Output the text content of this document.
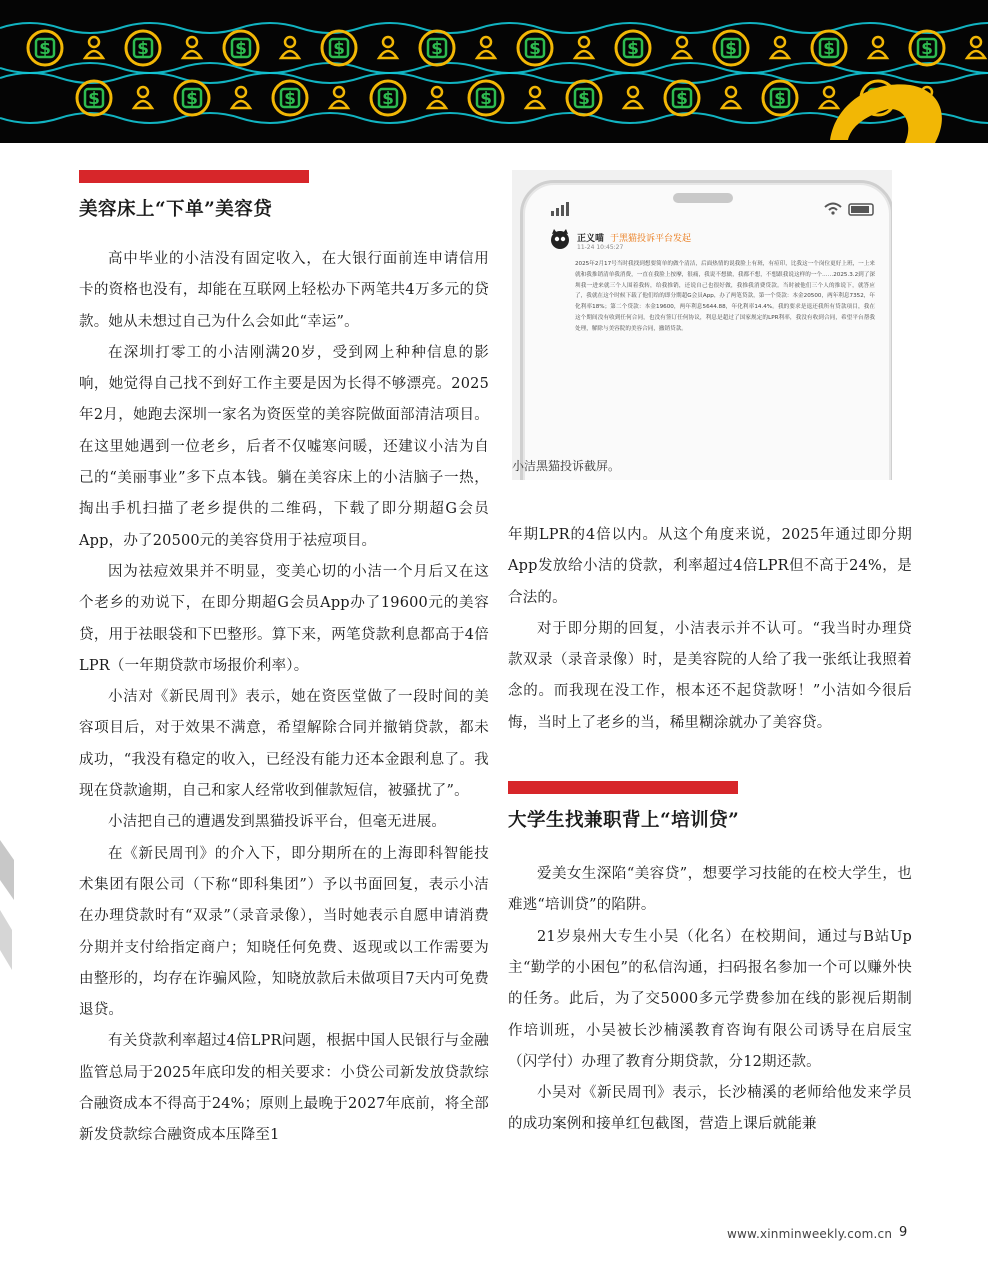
$	$	$	$	$	$	$	$	$	$
$	$	$	$	$	$	$	$
美容床上“下单”美容贷

高中毕业的小洁没有固定收入，在大银行面前连申请信用卡的资格也没有，却能在互联网上轻松办下两笔共4万多元的贷款。她从未想过自己为什么会如此“幸运”。

在深圳打零工的小洁刚满20岁，受到网上种种信息的影响，她觉得自己找不到好工作主要是因为长得不够漂亮。2025年2月，她跑去深圳一家名为资医堂的美容院做面部清洁项目。在这里她遇到一位老乡，后者不仅嘘寒问暖，还建议小洁为自己的“美丽事业”多下点本钱。躺在美容床上的小洁脑子一热，掏出手机扫描了老乡提供的二维码，下载了即分期超G会员App，办了20500元的美容贷用于祛痘项目。

因为祛痘效果并不明显，变美心切的小洁一个月后又在这个老乡的劝说下，在即分期超G会员App办了19600元的美容贷，用于祛眼袋和下巴整形。算下来，两笔贷款利息都高于4倍LPR（一年期贷款市场报价利率）。

小洁对《新民周刊》表示，她在资医堂做了一段时间的美容项目后，对于效果不满意，希望解除合同并撤销贷款，都未成功，“我没有稳定的收入，已经没有能力还本金跟利息了。我现在贷款逾期，自己和家人经常收到催款短信，被骚扰了”。

小洁把自己的遭遇发到黑猫投诉平台，但毫无进展。

在《新民周刊》的介入下，即分期所在的上海即科智能技术集团有限公司（下称“即科集团”）予以书面回复，表示小洁在办理贷款时有“双录”（录音录像），当时她表示自愿申请消费分期并支付给指定商户；知晓任何免费、返现或以工作需要为由整形的，均存在诈骗风险，知晓放款后未做项目7天内可免费退贷。

有关贷款利率超过4倍LPR问题，根据中国人民银行与金融监管总局于2025年底印发的相关要求：小贷公司新发放贷款综合融资成本不得高于24%；原则上最晚于2027年底前，将全部新发贷款综合融资成本压降至1

正义喵 于黑猫投诉平台发起
11-24 10:45:27
2025年2月17号当时我找到想要简单的做个清洁，后面热情的说我脸上有斑，有痘印，比我这一个岗位更好上班，一上来就和我推销清单我消费，一直在我脸上按摩，很痛，我说不想做，我都不想，不想跟我说这样的一个……2025.3.2到了深圳我一进来就三个人围着我转，给我推销，还说自己也很好做，我推我消费贷款。当时被他们三个人的推说下，就答应了，我就在这个时候下载了他们给的即分期超G会员App，办了两笔贷款，第一个贷款：本金20500，两年利息7352，年化利率18%；第二个贷款：本金19600，两年利息5644.88，年化利率14.4%。我的要求是退还我所有贷款项目，我在这个期间没有收到任何合同，也没有签订任何协议，利息是超过了国家规定的LPR利率，我没有收到合同，希望平台帮我处理，解除与美容院的美容合同，撤销贷款。
小洁黑猫投诉截屏。

年期LPR的4倍以内。从这个角度来说，2025年通过即分期App发放给小洁的贷款，利率超过4倍LPR但不高于24%，是合法的。

对于即分期的回复，小洁表示并不认可。“我当时办理贷款双录（录音录像）时，是美容院的人给了我一张纸让我照着念的。而我现在没工作，根本还不起贷款呀！”小洁如今很后悔，当时上了老乡的当，稀里糊涂就办了美容贷。

大学生找兼职背上“培训贷”

爱美女生深陷“美容贷”，想要学习技能的在校大学生，也难逃“培训贷”的陷阱。

21岁泉州大专生小吴（化名）在校期间，通过与B站Up主“勤学的小困包”的私信沟通，扫码报名参加一个可以赚外快的任务。此后，为了交5000多元学费参加在线的影视后期制作培训班，小吴被长沙楠溪教育咨询有限公司诱导在启辰宝（闪学付）办理了教育分期贷款，分12期还款。

小吴对《新民周刊》表示，长沙楠溪的老师给他发来学员的成功案例和接单红包截图，营造上课后就能兼

www.xinminweekly.com.cn 9
